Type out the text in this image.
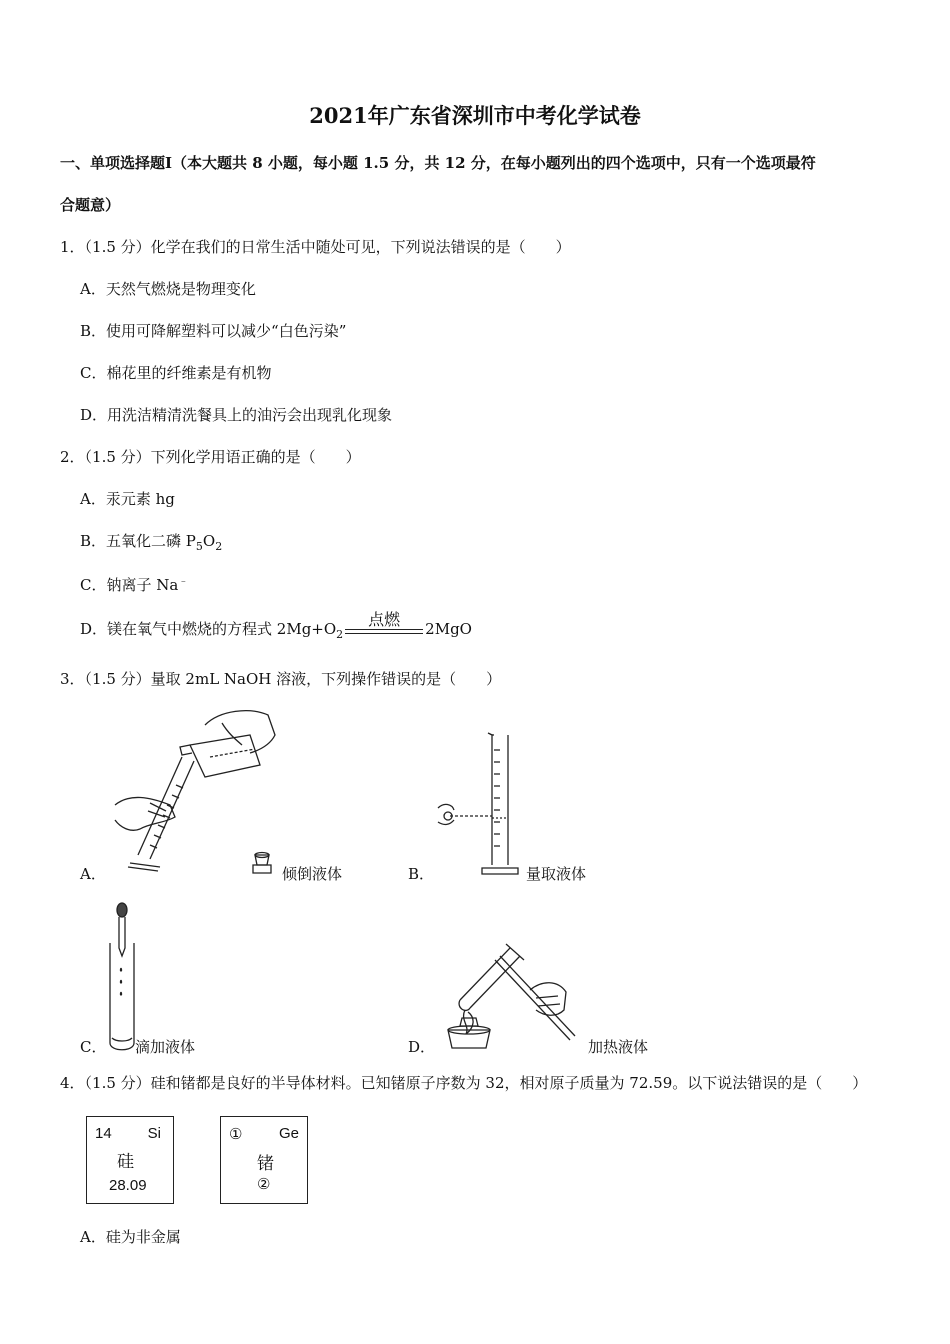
2021年广东省深圳市中考化学试卷
一、单项选择题Ⅰ（本大题共 8 小题，每小题 1.5 分，共 12 分，在每小题列出的四个选项中，只有一个选项最符
合题意）
1．（1.5 分）化学在我们的日常生活中随处可见，下列说法错误的是（　　）
A．天然气燃烧是物理变化
B．使用可降解塑料可以减少“白色污染”
C．棉花里的纤维素是有机物
D．用洗洁精清洗餐具上的油污会出现乳化现象
2．（1.5 分）下列化学用语正确的是（　　）
A．汞元素 hg
B．五氧化二磷 $P_5O_2$
C．钠离子 Na﹣
D．镁在氧气中燃烧的方程式 $2Mg+O_2$
点燃	2MgO
3．（1.5 分）量取 2mL NaOH 溶液，下列操作错误的是（　　）
A．	倾倒液体	B．	量取液体
C． 滴加液体	D．	加热液体
4．（1.5 分）硅和锗都是良好的半导体材料。已知锗原子序数为 32，相对原子质量为 72.59。以下说法错误的是（　　）
14 Si
硅
28.09
① Ge
锗
②
A．硅为非金属
